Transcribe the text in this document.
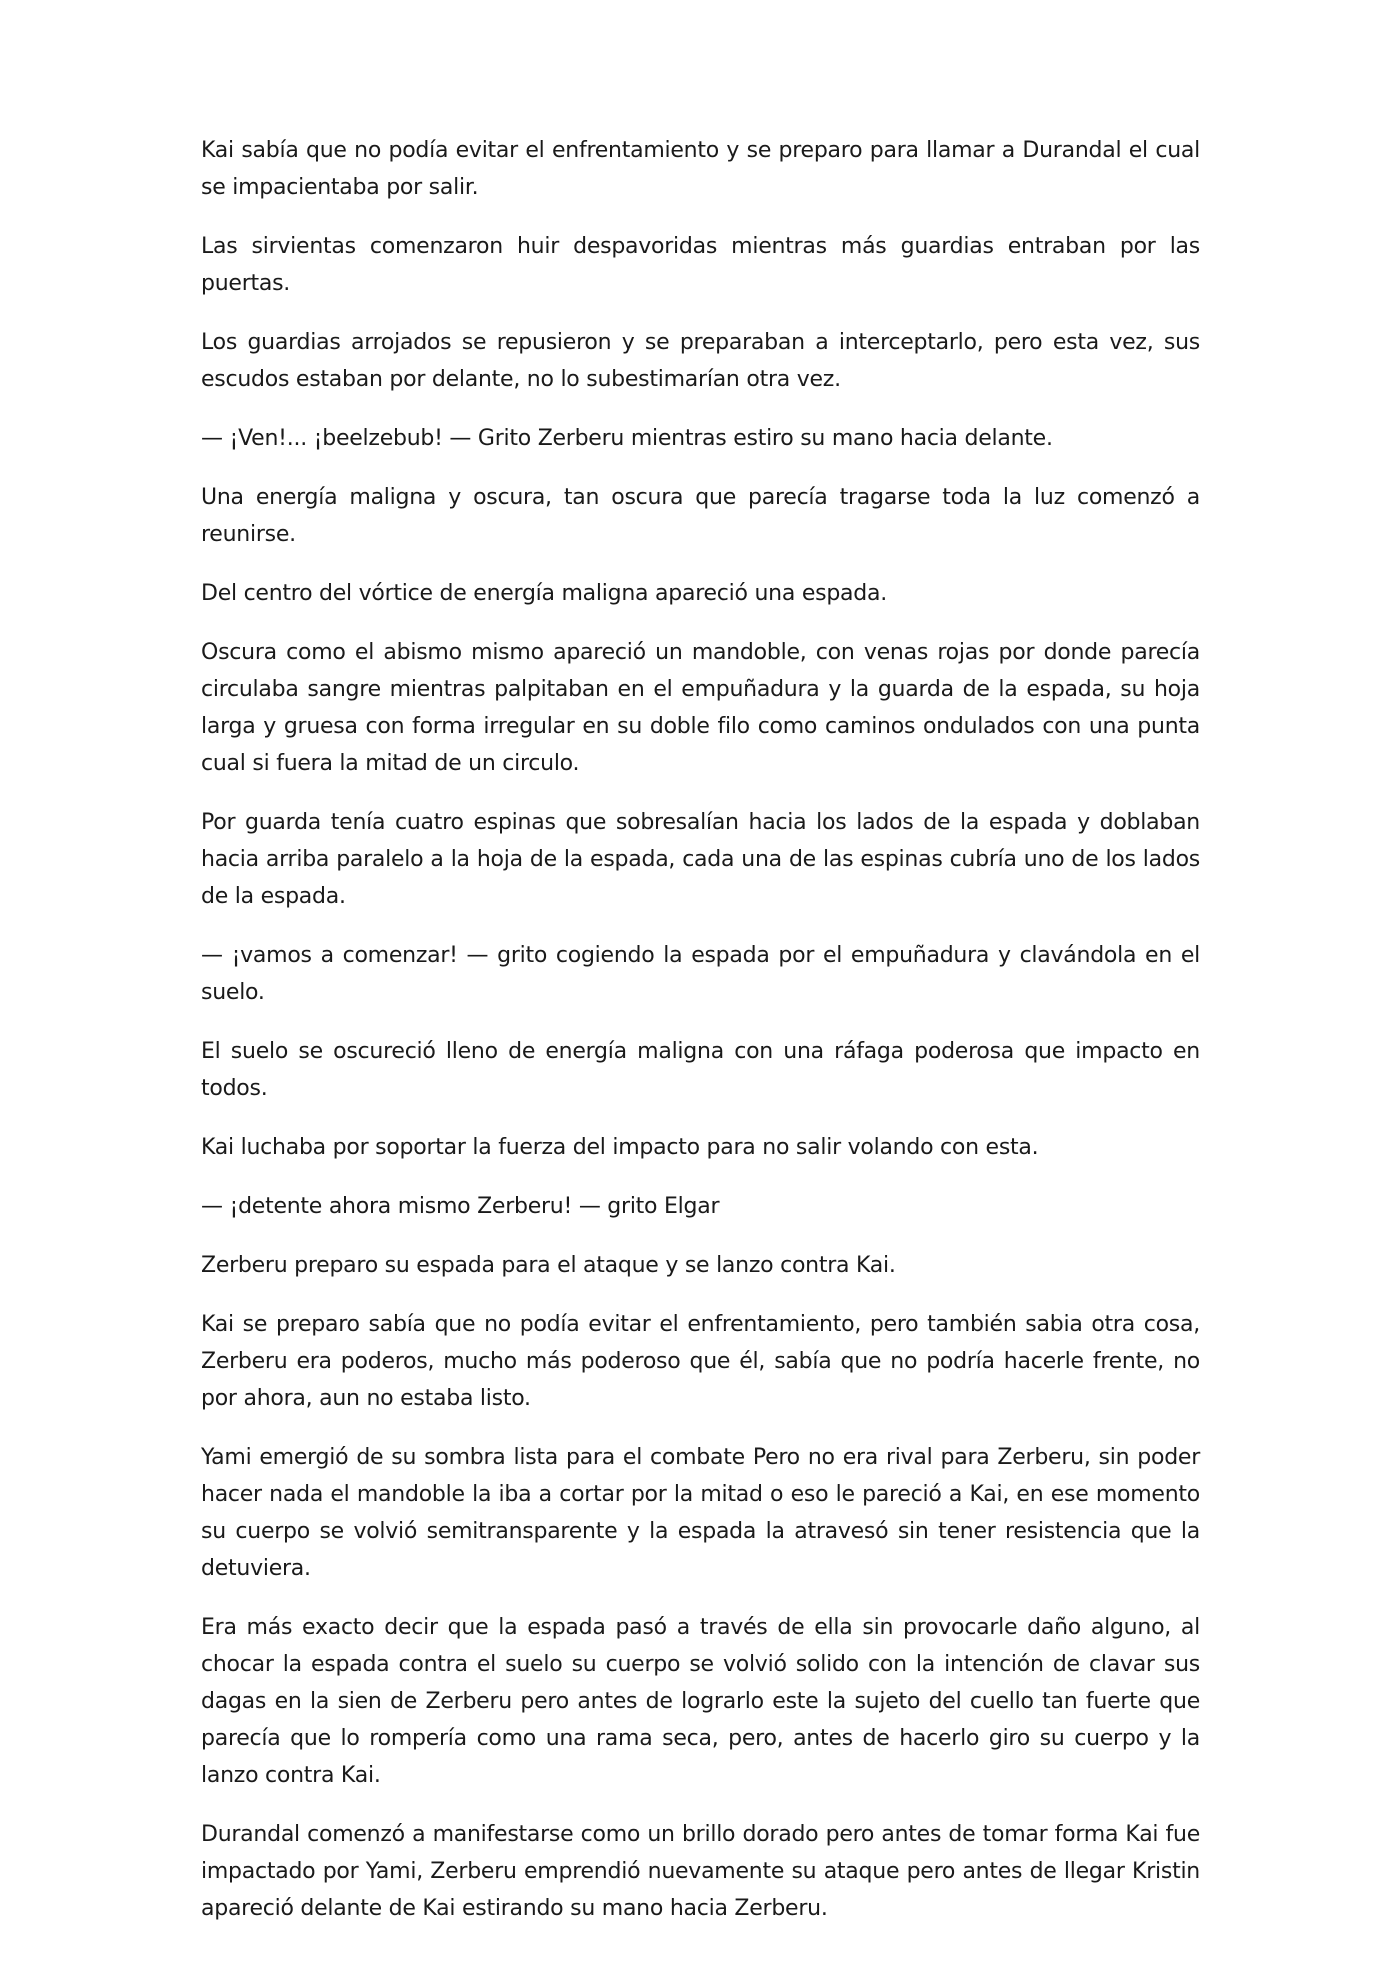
Kai sabía que no podía evitar el enfrentamiento y se preparo para llamar a Durandal el cual se impacientaba por salir.

Las sirvientas comenzaron huir despavoridas mientras más guardias entraban por las puertas.

Los guardias arrojados se repusieron y se preparaban a interceptarlo, pero esta vez, sus escudos estaban por delante, no lo subestimarían otra vez.

— ¡Ven!... ¡beelzebub! — Grito Zerberu mientras estiro su mano hacia delante.

Una energía maligna y oscura, tan oscura que parecía tragarse toda la luz comenzó a reunirse.

Del centro del vórtice de energía maligna apareció una espada.

Oscura como el abismo mismo apareció un mandoble, con venas rojas por donde parecía circulaba sangre mientras palpitaban en el empuñadura y la guarda de la espada, su hoja larga y gruesa con forma irregular en su doble filo como caminos ondulados con una punta cual si fuera la mitad de un circulo.

Por guarda tenía cuatro espinas que sobresalían hacia los lados de la espada y doblaban hacia arriba paralelo a la hoja de la espada, cada una de las espinas cubría uno de los lados de la espada.

— ¡vamos a comenzar! — grito cogiendo la espada por el empuñadura y clavándola en el suelo.

El suelo se oscureció lleno de energía maligna con una ráfaga poderosa que impacto en todos.

Kai luchaba por soportar la fuerza del impacto para no salir volando con esta.

— ¡detente ahora mismo Zerberu! — grito Elgar

Zerberu preparo su espada para el ataque y se lanzo contra Kai.

Kai se preparo sabía que no podía evitar el enfrentamiento, pero también sabia otra cosa, Zerberu era poderos, mucho más poderoso que él, sabía que no podría hacerle frente, no por ahora, aun no estaba listo.

Yami emergió de su sombra lista para el combate Pero no era rival para Zerberu, sin poder hacer nada el mandoble la iba a cortar por la mitad o eso le pareció a Kai, en ese momento su cuerpo se volvió semitransparente y la espada la atravesó sin tener resistencia que la detuviera.

Era más exacto decir que la espada pasó a través de ella sin provocarle daño alguno, al chocar la espada contra el suelo su cuerpo se volvió solido con la intención de clavar sus dagas en la sien de Zerberu pero antes de lograrlo este la sujeto del cuello tan fuerte que parecía que lo rompería como una rama seca, pero, antes de hacerlo giro su cuerpo y la lanzo contra Kai.

Durandal comenzó a manifestarse como un brillo dorado pero antes de tomar forma Kai fue impactado por Yami, Zerberu emprendió nuevamente su ataque pero antes de llegar Kristin apareció delante de Kai estirando su mano hacia Zerberu.
